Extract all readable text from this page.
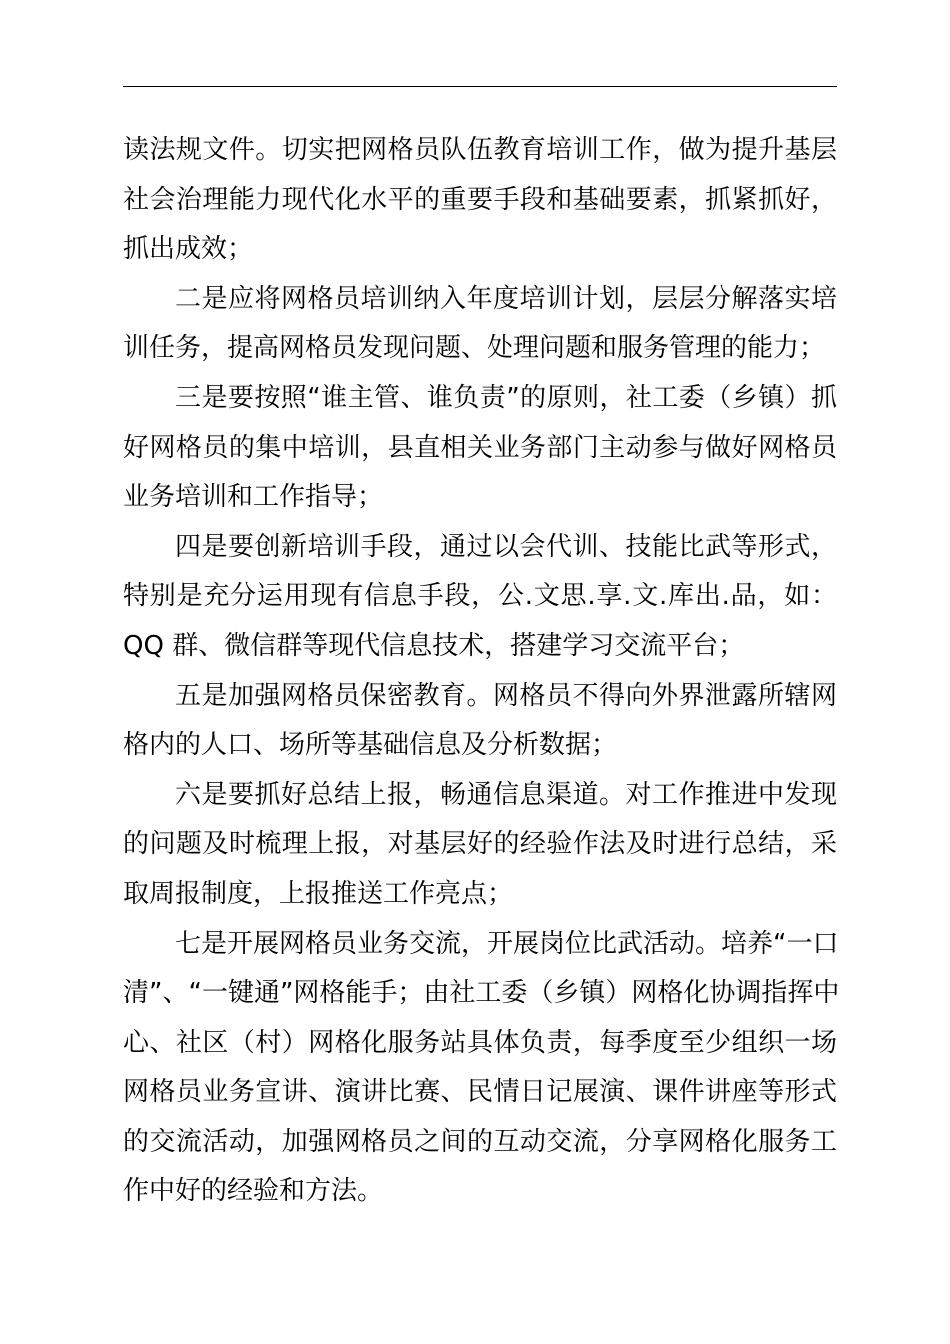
读法规文件。切实把网格员队伍教育培训工作，做为提升基层
社会治理能力现代化水平的重要手段和基础要素，抓紧抓好，
抓出成效；
二是应将网格员培训纳入年度培训计划，层层分解落实培
训任务，提高网格员发现问题、处理问题和服务管理的能力；
三是要按照“谁主管、谁负责”的原则，社工委（乡镇）抓
好网格员的集中培训，县直相关业务部门主动参与做好网格员
业务培训和工作指导；
四是要创新培训手段，通过以会代训、技能比武等形式，
特别是充分运用现有信息手段，公.文思.享.文.库出.品，如：
QQ 群、微信群等现代信息技术，搭建学习交流平台；
五是加强网格员保密教育。网格员不得向外界泄露所辖网
格内的人口、场所等基础信息及分析数据；
六是要抓好总结上报，畅通信息渠道。对工作推进中发现
的问题及时梳理上报，对基层好的经验作法及时进行总结，采
取周报制度，上报推送工作亮点；
七是开展网格员业务交流，开展岗位比武活动。培养“一口
清”、“一键通”网格能手；由社工委（乡镇）网格化协调指挥中
心、社区（村）网格化服务站具体负责，每季度至少组织一场
网格员业务宣讲、演讲比赛、民情日记展演、课件讲座等形式
的交流活动，加强网格员之间的互动交流，分享网格化服务工
作中好的经验和方法。
